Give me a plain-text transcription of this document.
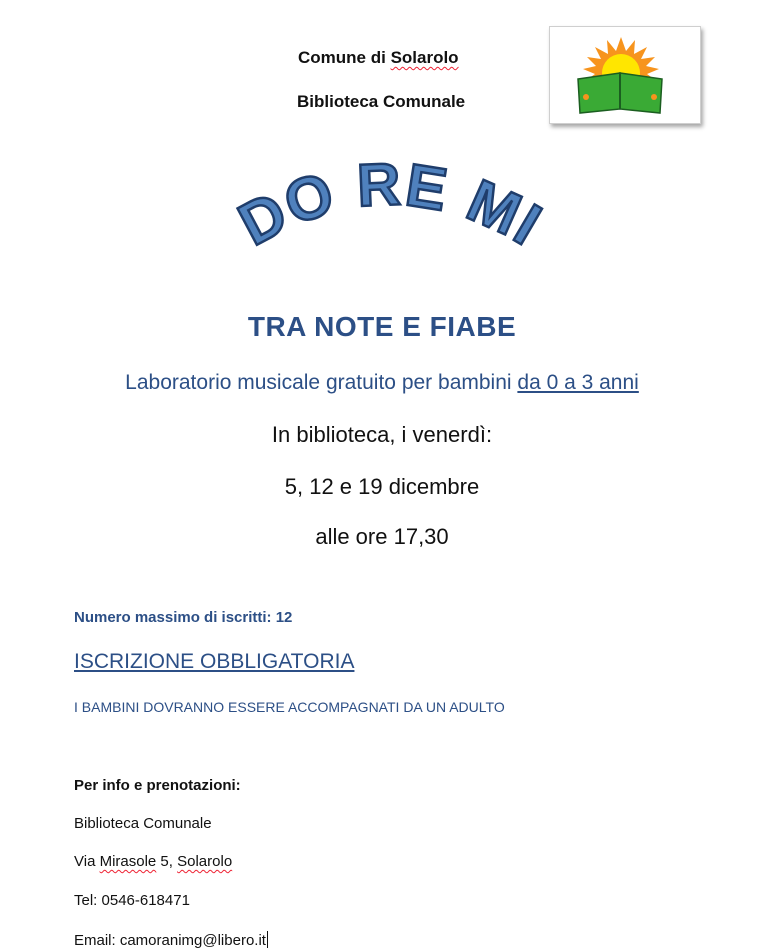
Comune di Solarolo
Biblioteca Comunale
DO RE MI
TRA NOTE E FIABE
Laboratorio musicale gratuito per bambini da 0 a 3 anni
In biblioteca, i venerdì:
5, 12 e 19 dicembre
alle ore 17,30
Numero massimo di iscritti: 12
ISCRIZIONE OBBLIGATORIA
I BAMBINI DOVRANNO ESSERE ACCOMPAGNATI DA UN ADULTO
Per info e prenotazioni:
Biblioteca Comunale
Via Mirasole 5, Solarolo
Tel: 0546-618471
Email: camoranimg@libero.it
